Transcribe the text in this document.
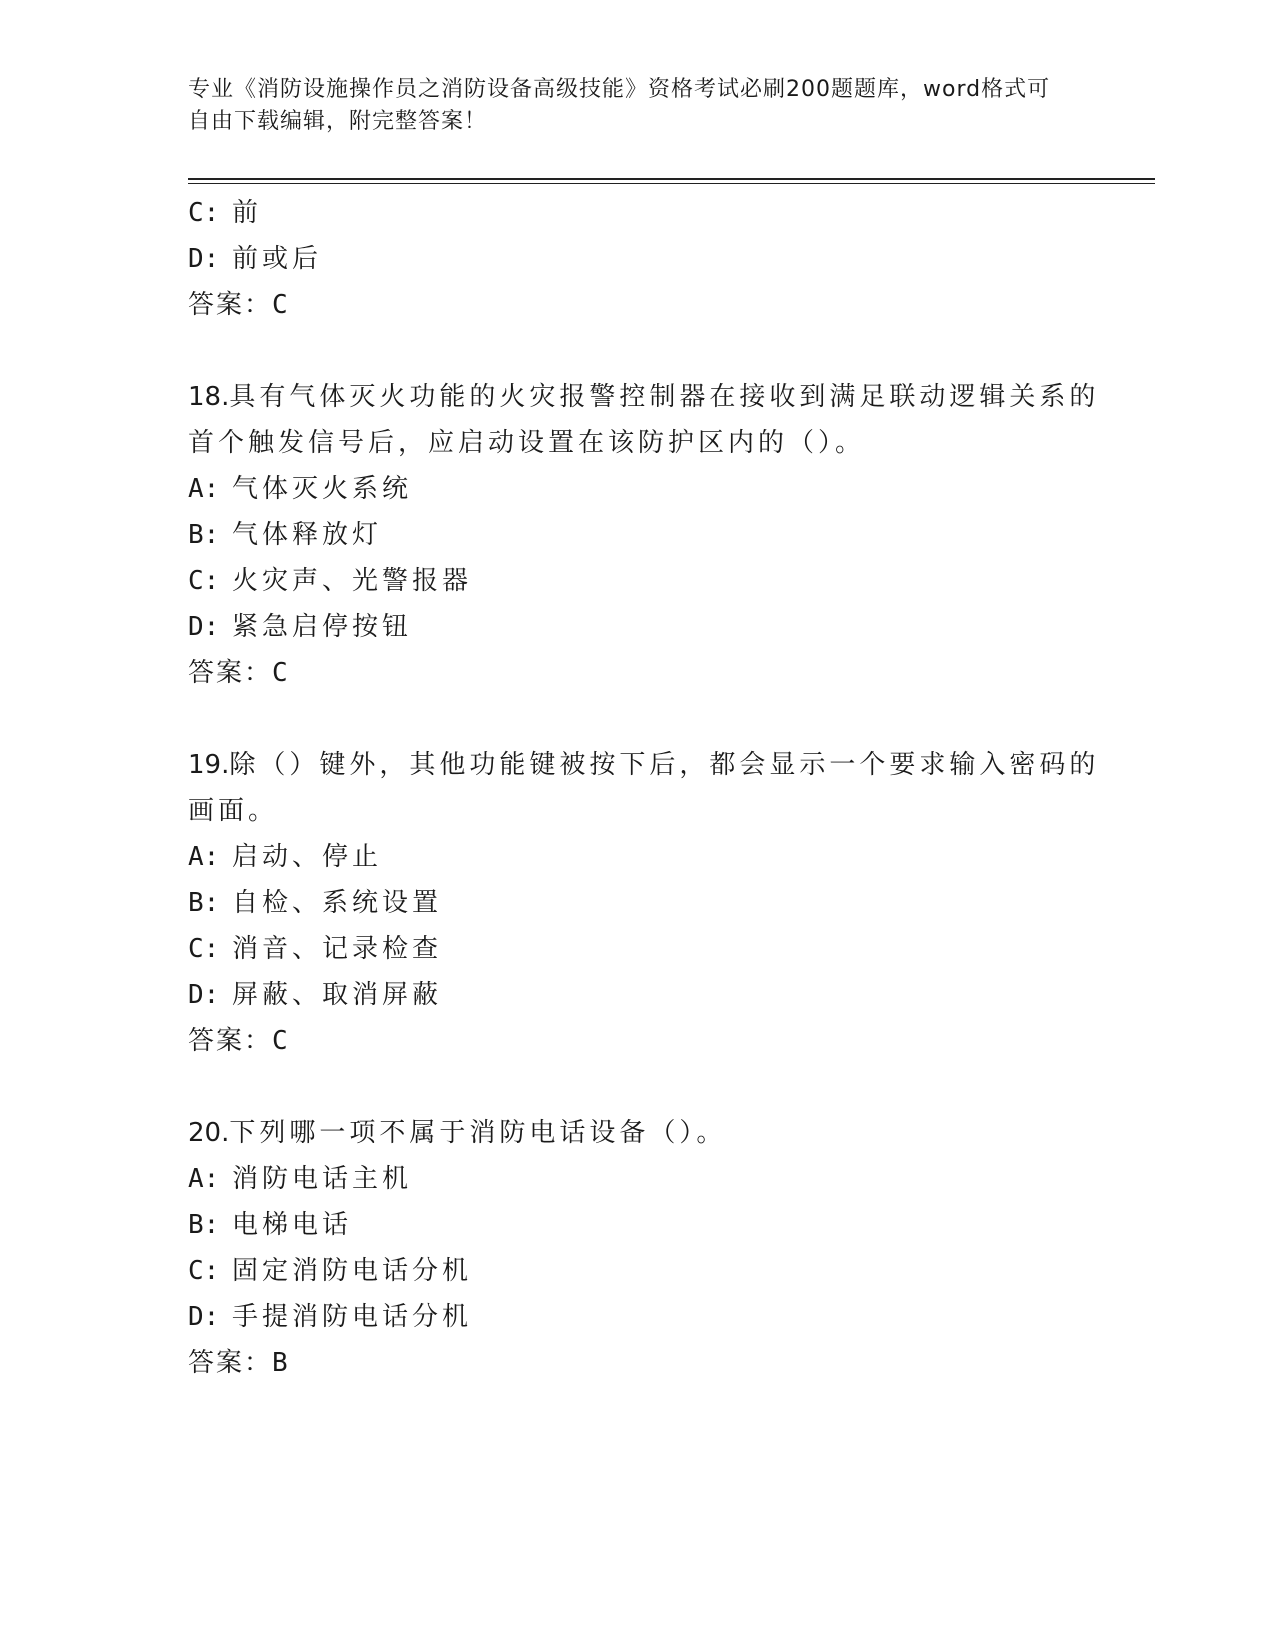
专业《消防设施操作员之消防设备高级技能》资格考试必刷200题题库，word格式可自由下载编辑，附完整答案！
C: 前
D: 前或后
答案：C
18.具有气体灭火功能的火灾报警控制器在接收到满足联动逻辑关系的
首个触发信号后，应启动设置在该防护区内的（）。
A: 气体灭火系统
B: 气体释放灯
C: 火灾声、光警报器
D: 紧急启停按钮
答案：C
19.除（）键外，其他功能键被按下后，都会显示一个要求输入密码的
画面。
A: 启动、停止
B: 自检、系统设置
C: 消音、记录检查
D: 屏蔽、取消屏蔽
答案：C
20.下列哪一项不属于消防电话设备（）。
A: 消防电话主机
B: 电梯电话
C: 固定消防电话分机
D: 手提消防电话分机
答案：B
